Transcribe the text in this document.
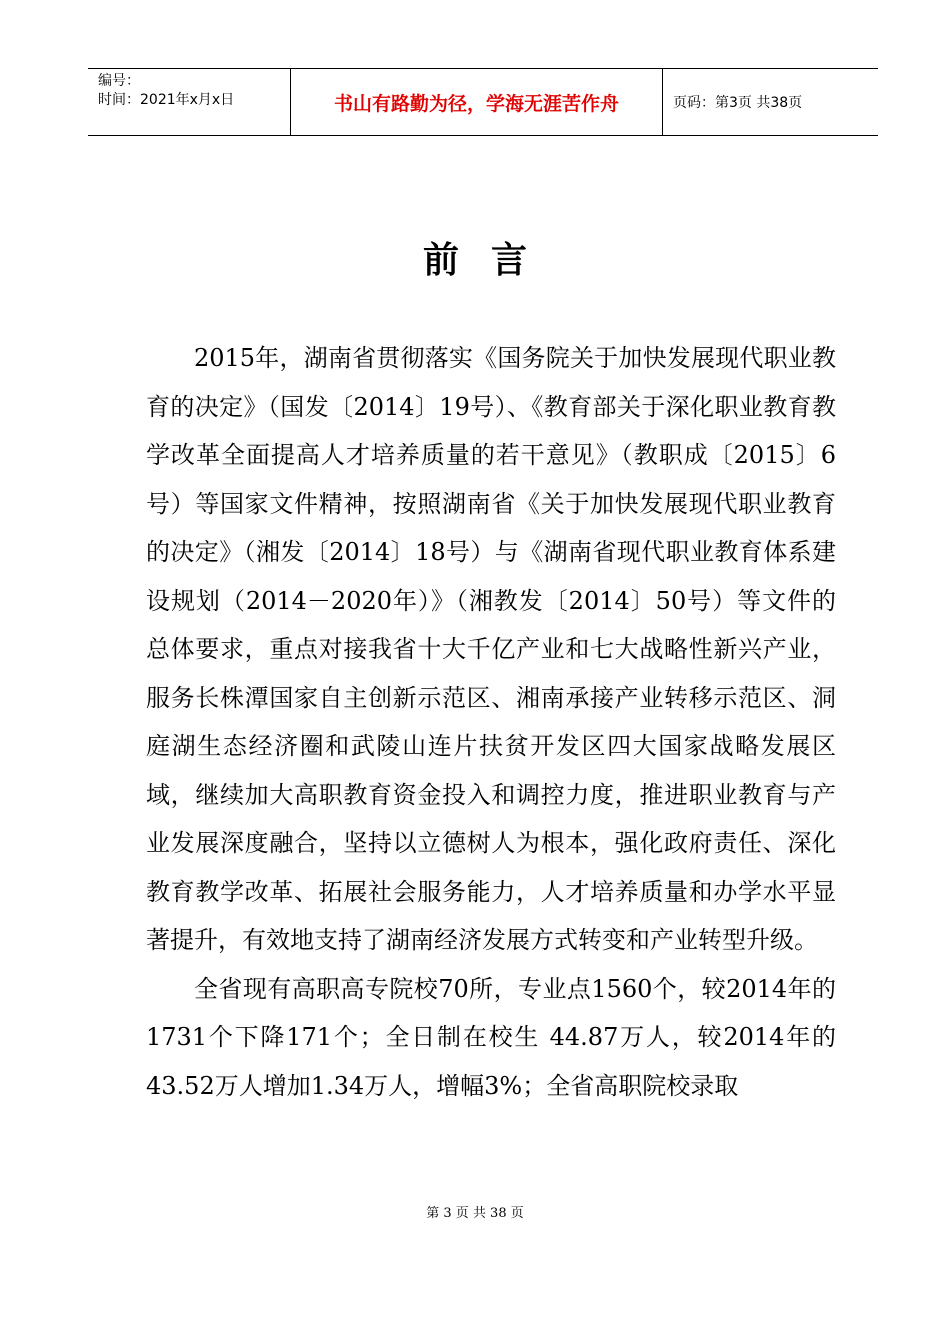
编号：
时间：2021年x月x日	书山有路勤为径，学海无涯苦作舟	页码：第3页 共38页
前言

2015年，湖南省贯彻落实《国务院关于加快发展现代职业教育的决定》（国发〔2014〕19号）、《教育部关于深化职业教育教学改革全面提高人才培养质量的若干意见》（教职成〔2015〕6号）等国家文件精神，按照湖南省《关于加快发展现代职业教育的决定》（湘发〔2014〕18号）与《湖南省现代职业教育体系建设规划（2014－2020年）》（湘教发〔2014〕50号）等文件的总体要求，重点对接我省十大千亿产业和七大战略性新兴产业，服务长株潭国家自主创新示范区、湘南承接产业转移示范区、洞庭湖生态经济圈和武陵山连片扶贫开发区四大国家战略发展区域，继续加大高职教育资金投入和调控力度，推进职业教育与产业发展深度融合，坚持以立德树人为根本，强化政府责任、深化教育教学改革、拓展社会服务能力，人才培养质量和办学水平显著提升，有效地支持了湖南经济发展方式转变和产业转型升级。

全省现有高职高专院校70所，专业点1560个，较2014年的1731个下降171个；全日制在校生 44.87万人，较2014年的43.52万人增加1.34万人，增幅3%；全省高职院校录取

第 3 页 共 38 页
